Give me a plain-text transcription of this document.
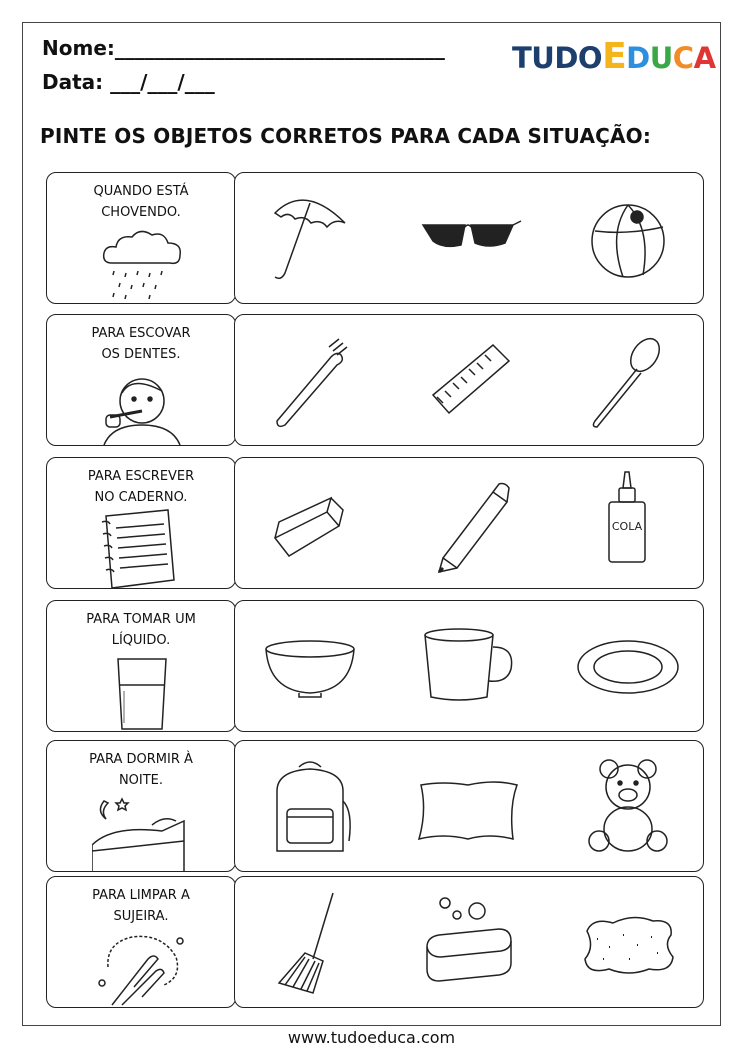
Nome:_________________________________
Data: ___/___/___
TUDOEDUCA
PINTE OS OBJETOS CORRETOS PARA CADA SITUAÇÃO:
QUANDO ESTÁ
CHOVENDO.
PARA ESCOVAR
OS DENTES.
PARA ESCREVER
NO CADERNO.
COLA
PARA TOMAR UM
LÍQUIDO.
PARA DORMIR À
NOITE.
PARA LIMPAR A
SUJEIRA.
www.tudoeduca.com
